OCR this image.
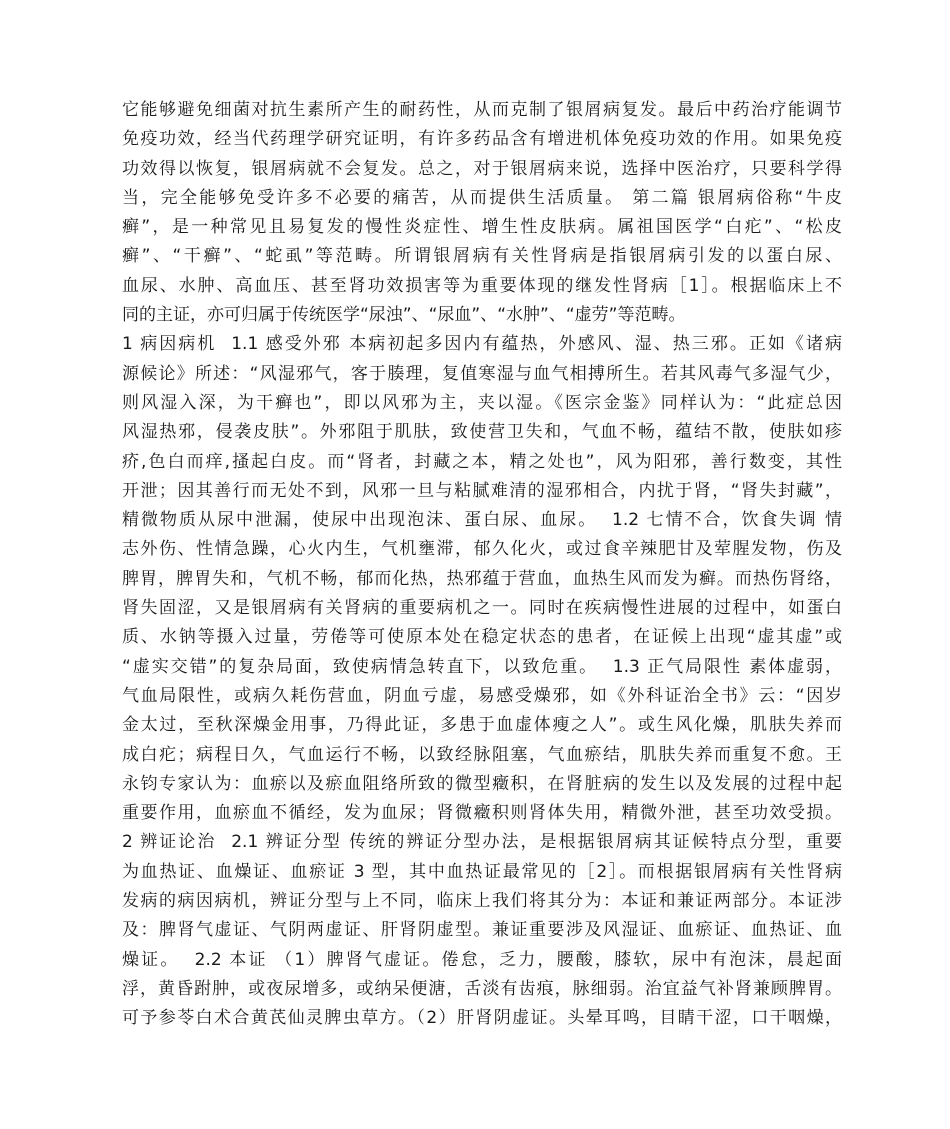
它能够避免细菌对抗生素所产生的耐药性，从而克制了银屑病复发。最后中药治疗能调节
免疫功效，经当代药理学研究证明，有许多药品含有增进机体免疫功效的作用。如果免疫
功效得以恢复，银屑病就不会复发。总之，对于银屑病来说，选择中医治疗，只要科学得
当，完全能够免受许多不必要的痛苦，从而提供生活质量。 第二篇 银屑病俗称“牛皮
癣”，是一种常见且易复发的慢性炎症性、增生性皮肤病。属祖国医学“白疕”、“松皮
癣”、“干癣”、“蛇虱”等范畴。所谓银屑病有关性肾病是指银屑病引发的以蛋白尿、
血尿、水肿、高血压、甚至肾功效损害等为重要体现的继发性肾病［1］。根据临床上不
同的主证，亦可归属于传统医学“尿浊”、“尿血”、“水肿”、“虚劳”等范畴。
1 病因病机  1.1 感受外邪 本病初起多因内有蕴热，外感风、湿、热三邪。正如《诸病
源候论》所述：“风湿邪气，客于腠理，复值寒湿与血气相搏所生。若其风毒气多湿气少，
则风湿入深，为干癣也”，即以风邪为主，夹以湿。《医宗金鉴》同样认为：“此症总因
风湿热邪，侵袭皮肤”。外邪阻于肌肤，致使营卫失和，气血不畅，蕴结不散，使肤如疹
疥,色白而痒,搔起白皮。而“肾者，封藏之本，精之处也”，风为阳邪，善行数变，其性
开泄；因其善行而无处不到，风邪一旦与粘腻难清的湿邪相合，内扰于肾，“肾失封藏”，
精微物质从尿中泄漏，使尿中出现泡沫、蛋白尿、血尿。  1.2 七情不合，饮食失调 情
志外伤、性情急躁，心火内生，气机壅滞，郁久化火，或过食辛辣肥甘及荤腥发物，伤及
脾胃，脾胃失和，气机不畅，郁而化热，热邪蕴于营血，血热生风而发为癣。而热伤肾络，
肾失固涩，又是银屑病有关肾病的重要病机之一。同时在疾病慢性进展的过程中，如蛋白
质、水钠等摄入过量，劳倦等可使原本处在稳定状态的患者，在证候上出现“虚其虚”或
“虚实交错”的复杂局面，致使病情急转直下，以致危重。  1.3 正气局限性 素体虚弱，
气血局限性，或病久耗伤营血，阴血亏虚，易感受燥邪，如《外科证治全书》云：“因岁
金太过，至秋深燥金用事，乃得此证，多患于血虚体瘦之人”。或生风化燥，肌肤失养而
成白疕；病程日久，气血运行不畅，以致经脉阻塞，气血瘀结，肌肤失养而重复不愈。王
永钧专家认为：血瘀以及瘀血阻络所致的微型癥积，在肾脏病的发生以及发展的过程中起
重要作用，血瘀血不循经，发为血尿；肾微癥积则肾体失用，精微外泄，甚至功效受损。
2 辨证论治  2.1 辨证分型 传统的辨证分型办法，是根据银屑病其证候特点分型，重要
为血热证、血燥证、血瘀证 3 型，其中血热证最常见的［2］。而根据银屑病有关性肾病
发病的病因病机，辨证分型与上不同，临床上我们将其分为：本证和兼证两部分。本证涉
及：脾肾气虚证、气阴两虚证、肝肾阴虚型。兼证重要涉及风湿证、血瘀证、血热证、血
燥证。  2.2 本证 （1）脾肾气虚证。倦怠，乏力，腰酸，膝软，尿中有泡沫，晨起面
浮，黄昏跗肿，或夜尿增多，或纳呆便溏，舌淡有齿痕，脉细弱。治宜益气补肾兼顾脾胃。
可予参苓白术合黄芪仙灵脾虫草方。（2）肝肾阴虚证。头晕耳鸣，目睛干涩，口干咽燥，
